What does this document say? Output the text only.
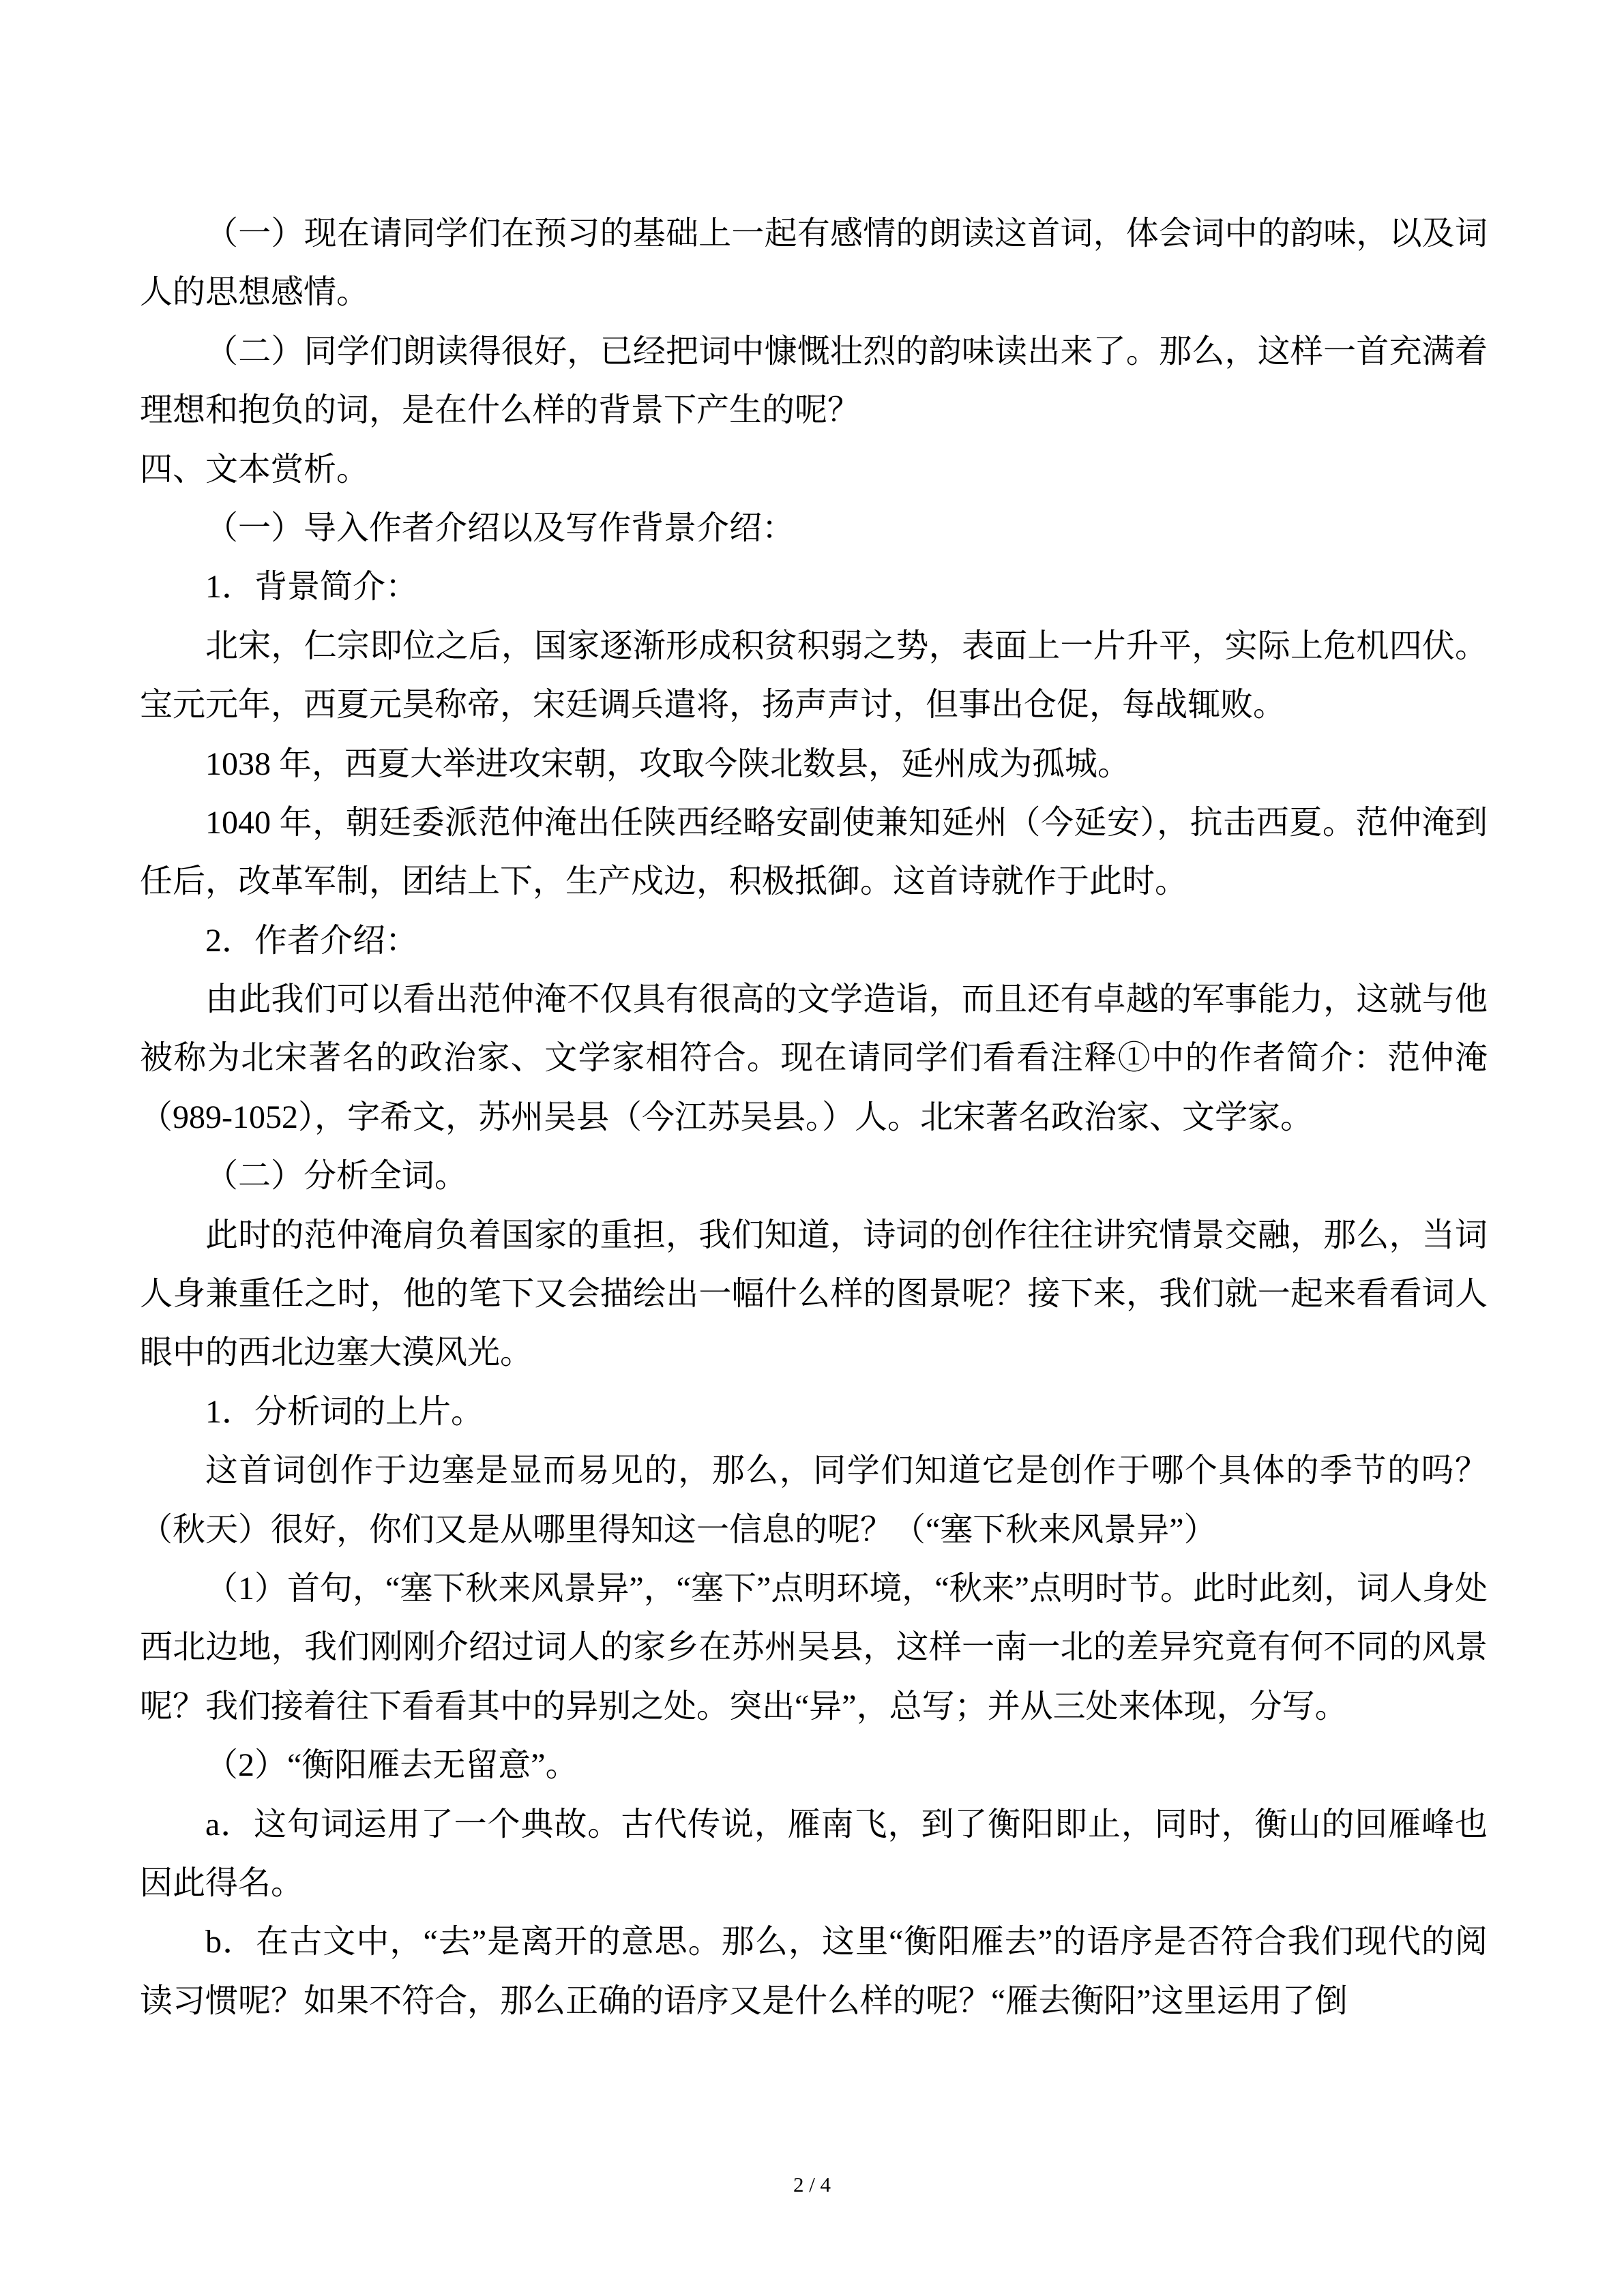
（一）现在请同学们在预习的基础上一起有感情的朗读这首词，体会词中的韵味，以及词人的思想感情。

（二）同学们朗读得很好，已经把词中慷慨壮烈的韵味读出来了。那么，这样一首充满着理想和抱负的词，是在什么样的背景下产生的呢？

四、文本赏析。

（一）导入作者介绍以及写作背景介绍：

1．背景简介：

北宋，仁宗即位之后，国家逐渐形成积贫积弱之势，表面上一片升平，实际上危机四伏。宝元元年，西夏元昊称帝，宋廷调兵遣将，扬声声讨，但事出仓促，每战辄败。

1038 年，西夏大举进攻宋朝，攻取今陕北数县，延州成为孤城。

1040 年，朝廷委派范仲淹出任陕西经略安副使兼知延州（今延安），抗击西夏。范仲淹到任后，改革军制，团结上下，生产戍边，积极抵御。这首诗就作于此时。

2．作者介绍：

由此我们可以看出范仲淹不仅具有很高的文学造诣，而且还有卓越的军事能力，这就与他被称为北宋著名的政治家、文学家相符合。现在请同学们看看注释①中的作者简介：范仲淹（989-1052），字希文，苏州吴县（今江苏吴县。）人。北宋著名政治家、文学家。

（二）分析全词。

此时的范仲淹肩负着国家的重担，我们知道，诗词的创作往往讲究情景交融，那么，当词人身兼重任之时，他的笔下又会描绘出一幅什么样的图景呢？接下来，我们就一起来看看词人眼中的西北边塞大漠风光。

1．分析词的上片。

这首词创作于边塞是显而易见的，那么，同学们知道它是创作于哪个具体的季节的吗？（秋天）很好，你们又是从哪里得知这一信息的呢？（“塞下秋来风景异”）

（1）首句，“塞下秋来风景异”，“塞下”点明环境，“秋来”点明时节。此时此刻，词人身处西北边地，我们刚刚介绍过词人的家乡在苏州吴县，这样一南一北的差异究竟有何不同的风景呢？我们接着往下看看其中的异别之处。突出“异”，总写；并从三处来体现，分写。

（2）“衡阳雁去无留意”。

a．这句词运用了一个典故。古代传说，雁南飞，到了衡阳即止，同时，衡山的回雁峰也因此得名。

b．在古文中，“去”是离开的意思。那么，这里“衡阳雁去”的语序是否符合我们现代的阅读习惯呢？如果不符合，那么正确的语序又是什么样的呢？“雁去衡阳”这里运用了倒

2 / 4
